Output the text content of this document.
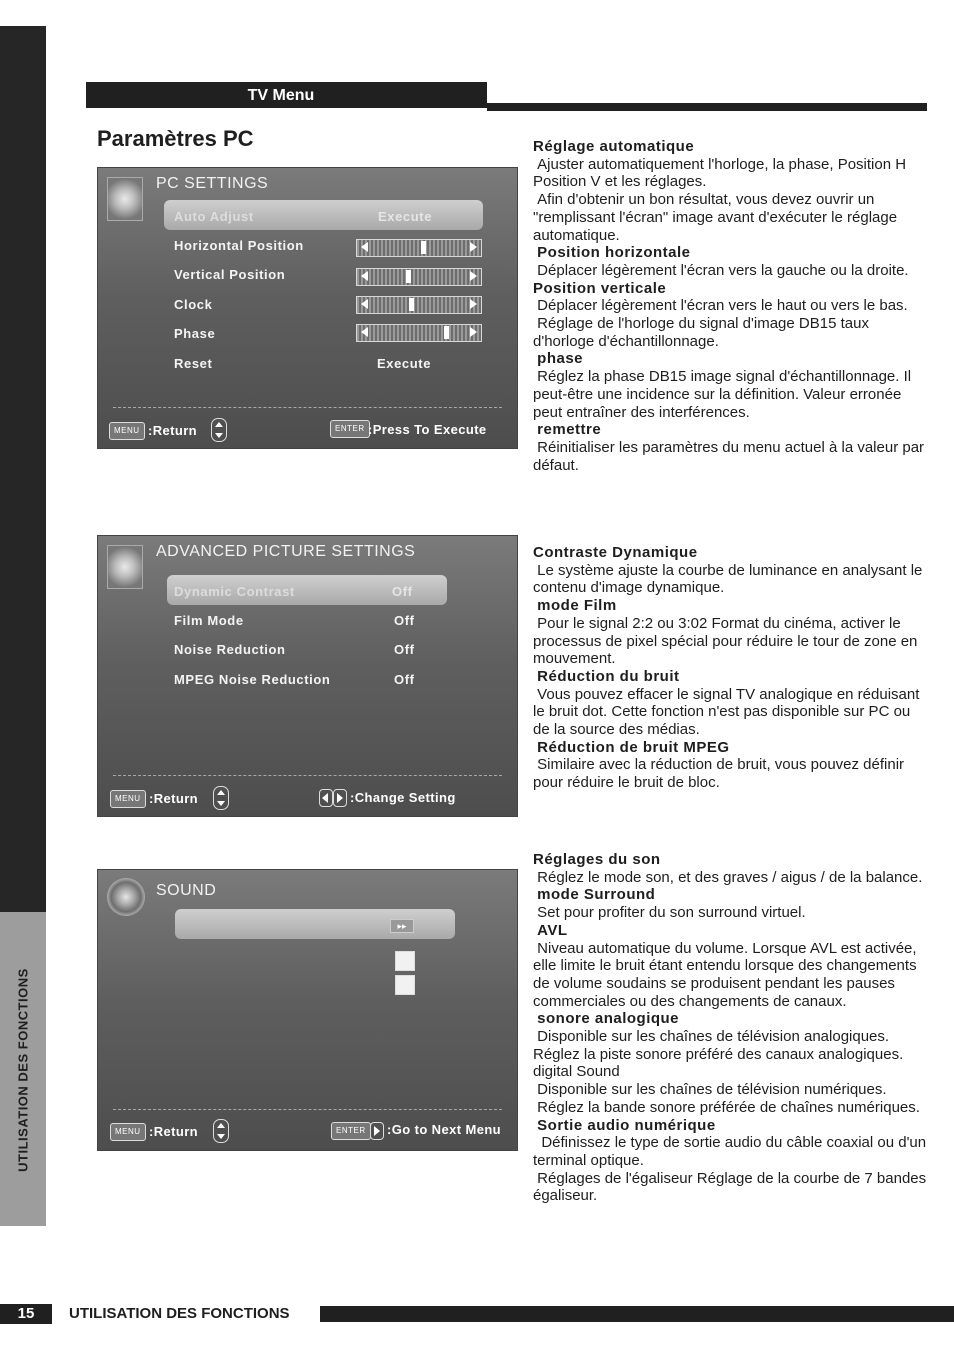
UTILISATION DES FONCTIONS
TV Menu
Paramètres PC
PC SETTINGS
Auto Adjust	Execute
Horizontal Position
Vertical Position
Clock
Phase
Reset	Execute
MENU :Return	ENTER :Press To Execute
ADVANCED PICTURE SETTINGS
Dynamic Contrast	Off
Film Mode	Off
Noise Reduction	Off
MPEG Noise Reduction	Off
MENU :Return	:Change Setting
SOUND
▸▸
MENU :Return	ENTER	:Go to Next Menu

Réglage automatique
Ajuster automatiquement l'horloge, la phase, Position H Position V et les réglages.

Afin d'obtenir un bon résultat, vous devez ouvrir un "remplissant l'écran" image avant d'exécuter le réglage automatique.

Position horizontale
Déplacer légèrement l'écran vers la gauche ou la droite.

Position verticale
Déplacer légèrement l'écran vers le haut ou vers le bas.

Réglage de l'horloge du signal d'image DB15 taux d'horloge d'échantillonnage.

phase
Réglez la phase DB15 image signal d'échantillonnage. Il peut-être une incidence sur la définition. Valeur erronée peut entraîner des interférences.

remettre
Réinitialiser les paramètres du menu actuel à la valeur par défaut.

Contraste Dynamique
Le système ajuste la courbe de luminance en analysant le contenu d'image dynamique.

mode Film
Pour le signal 2:2 ou 3:02 Format du cinéma, activer le processus de pixel spécial pour réduire le tour de zone en mouvement.

Réduction du bruit
Vous pouvez effacer le signal TV analogique en réduisant le bruit dot. Cette fonction n'est pas disponible sur PC ou de la source des médias.

Réduction de bruit MPEG
Similaire avec la réduction de bruit, vous pouvez définir pour réduire le bruit de bloc.

Réglages du son
Réglez le mode son, et des graves / aigus / de la balance.

mode Surround
Set pour profiter du son surround virtuel.

AVL
Niveau automatique du volume. Lorsque AVL est activée, elle limite le bruit étant entendu lorsque des changements de volume soudains se produisent pendant les pauses commerciales ou des changements de canaux.

sonore analogique
Disponible sur les chaînes de télévision analogiques. Réglez la piste sonore préféré des canaux analogiques. digital Sound

Disponible sur les chaînes de télévision numériques.

Réglez la bande sonore préférée de chaînes numériques.

Sortie audio numérique
Définissez le type de sortie audio du câble coaxial ou d'un terminal optique.

Réglages de l'égaliseur Réglage de la courbe de 7 bandes égaliseur.

15	UTILISATION DES FONCTIONS
